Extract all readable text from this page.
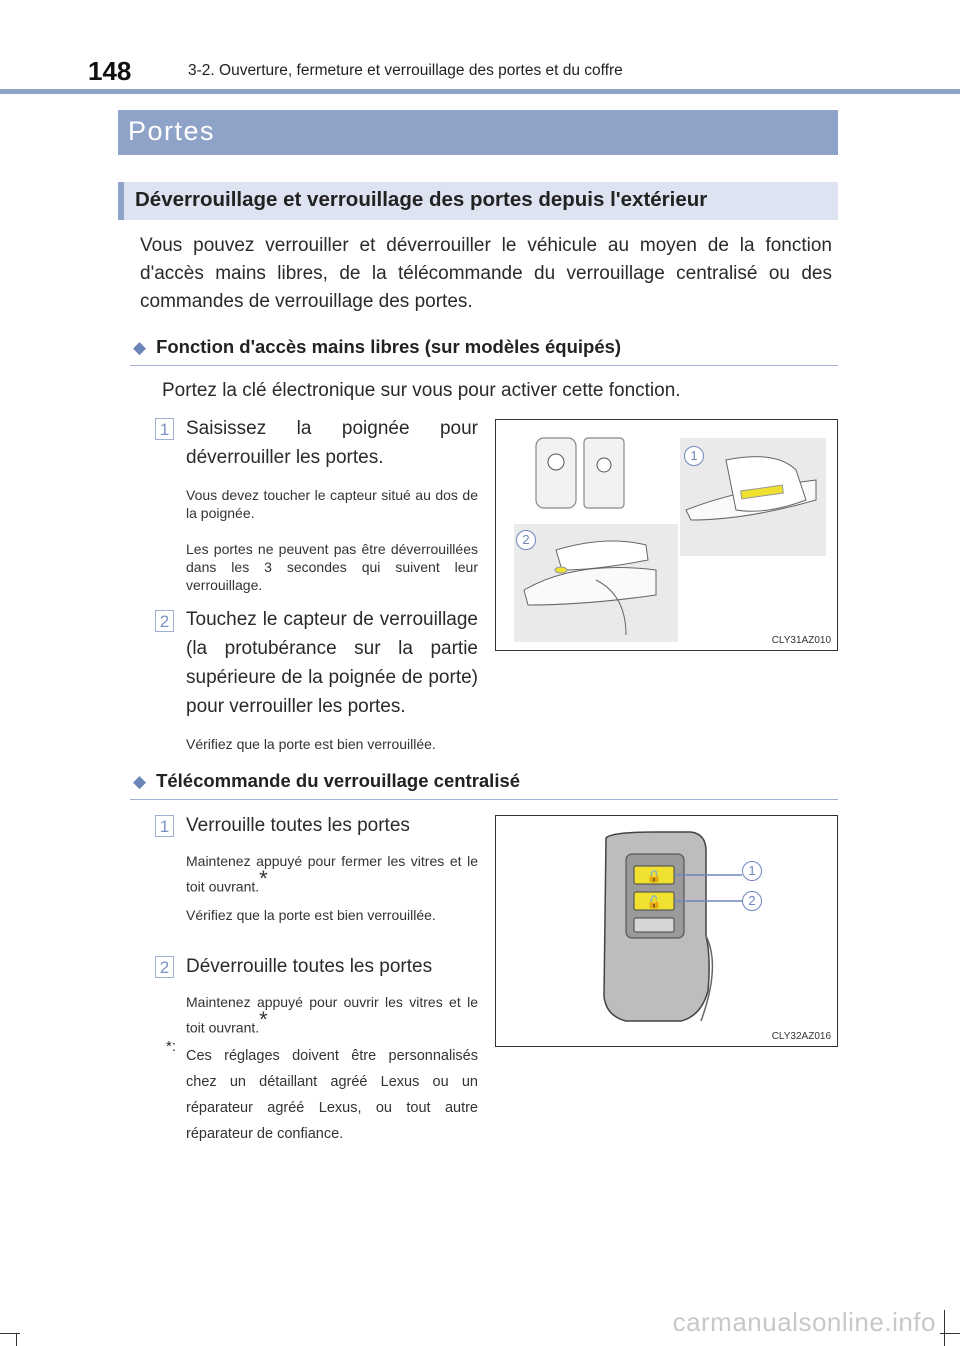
148	3-2. Ouverture, fermeture et verrouillage des portes et du coffre
Portes
Déverrouillage et verrouillage des portes depuis l'extérieur
Vous pouvez verrouiller et déverrouiller le véhicule au moyen de la fonction d'accès mains libres, de la télécommande du verrouillage centralisé ou des commandes de verrouillage des portes.
◆ Fonction d'accès mains libres (sur modèles équipés)
Portez la clé électronique sur vous pour activer cette fonction.
1 Saisissez la poignée pour déverrouiller les portes.
Vous devez toucher le capteur situé au dos de la poignée.
Les portes ne peuvent pas être déverrouillées dans les 3 secondes qui suivent leur verrouillage.
2 Touchez le capteur de verrouillage (la protubérance sur la partie supérieure de la poignée de porte) pour verrouiller les portes.
Vérifiez que la porte est bien verrouillée.
1
2
CLY31AZ010
◆ Télécommande du verrouillage centralisé
1 Verrouille toutes les portes
Maintenez appuyé pour fermer les vitres et le toit ouvrant.*
Vérifiez que la porte est bien verrouillée.
2 Déverrouille toutes les portes
Maintenez appuyé pour ouvrir les vitres et le toit ouvrant.*
*:
Ces réglages doivent être personnalisés chez un détaillant agréé Lexus ou un réparateur agréé Lexus, ou tout autre réparateur de confiance.
🔒
🔓
1
2
CLY32AZ016
carmanualsonline.info
